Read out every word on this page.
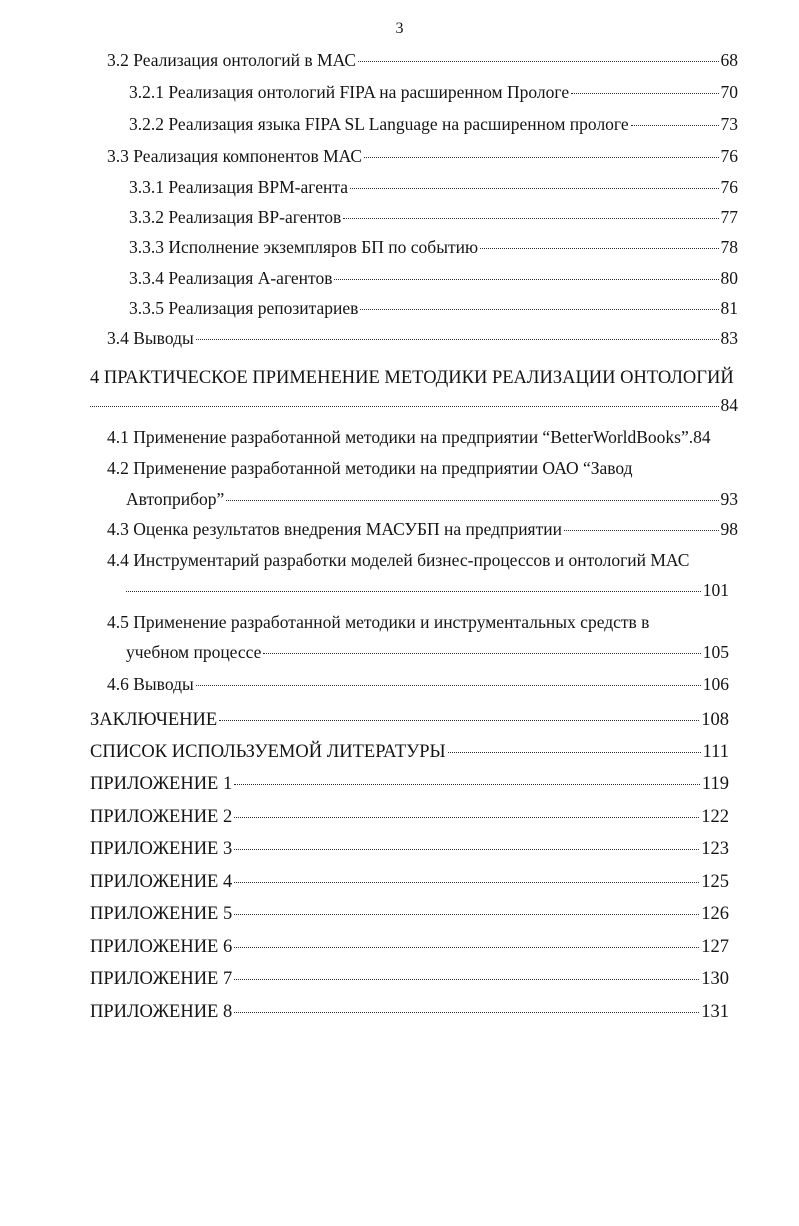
3
3.2 Реализация онтологий в МАС	68
3.2.1 Реализация онтологий FIPA на расширенном Прологе	70
3.2.2 Реализация языка FIPA SL Language на расширенном прологе	73
3.3 Реализация компонентов МАС	76
3.3.1 Реализация BPM-агента	76
3.3.2 Реализация BP-агентов	77
3.3.3 Исполнение экземпляров БП по событию	78
3.3.4 Реализация А-агентов	80
3.3.5 Реализация репозитариев	81
3.4 Выводы	83
4 ПРАКТИЧЕСКОЕ ПРИМЕНЕНИЕ МЕТОДИКИ РЕАЛИЗАЦИИ ОНТОЛОГИЙ
84
4.1 Применение разработанной методики на предприятии “BetterWorldBooks”. 84
4.2 Применение разработанной методики на предприятии ОАО “Завод
Автоприбор”	93
4.3 Оценка результатов внедрения МАСУБП на предприятии	98
4.4 Инструментарий разработки моделей бизнес-процессов и онтологий МАС
101
4.5 Применение разработанной методики и инструментальных средств в
учебном процессе	105
4.6 Выводы	106
ЗАКЛЮЧЕНИЕ	108
СПИСОК ИСПОЛЬЗУЕМОЙ ЛИТЕРАТУРЫ	111
ПРИЛОЖЕНИЕ 1	119
ПРИЛОЖЕНИЕ 2	122
ПРИЛОЖЕНИЕ 3	123
ПРИЛОЖЕНИЕ 4	125
ПРИЛОЖЕНИЕ 5	126
ПРИЛОЖЕНИЕ 6	127
ПРИЛОЖЕНИЕ 7	130
ПРИЛОЖЕНИЕ 8	131
